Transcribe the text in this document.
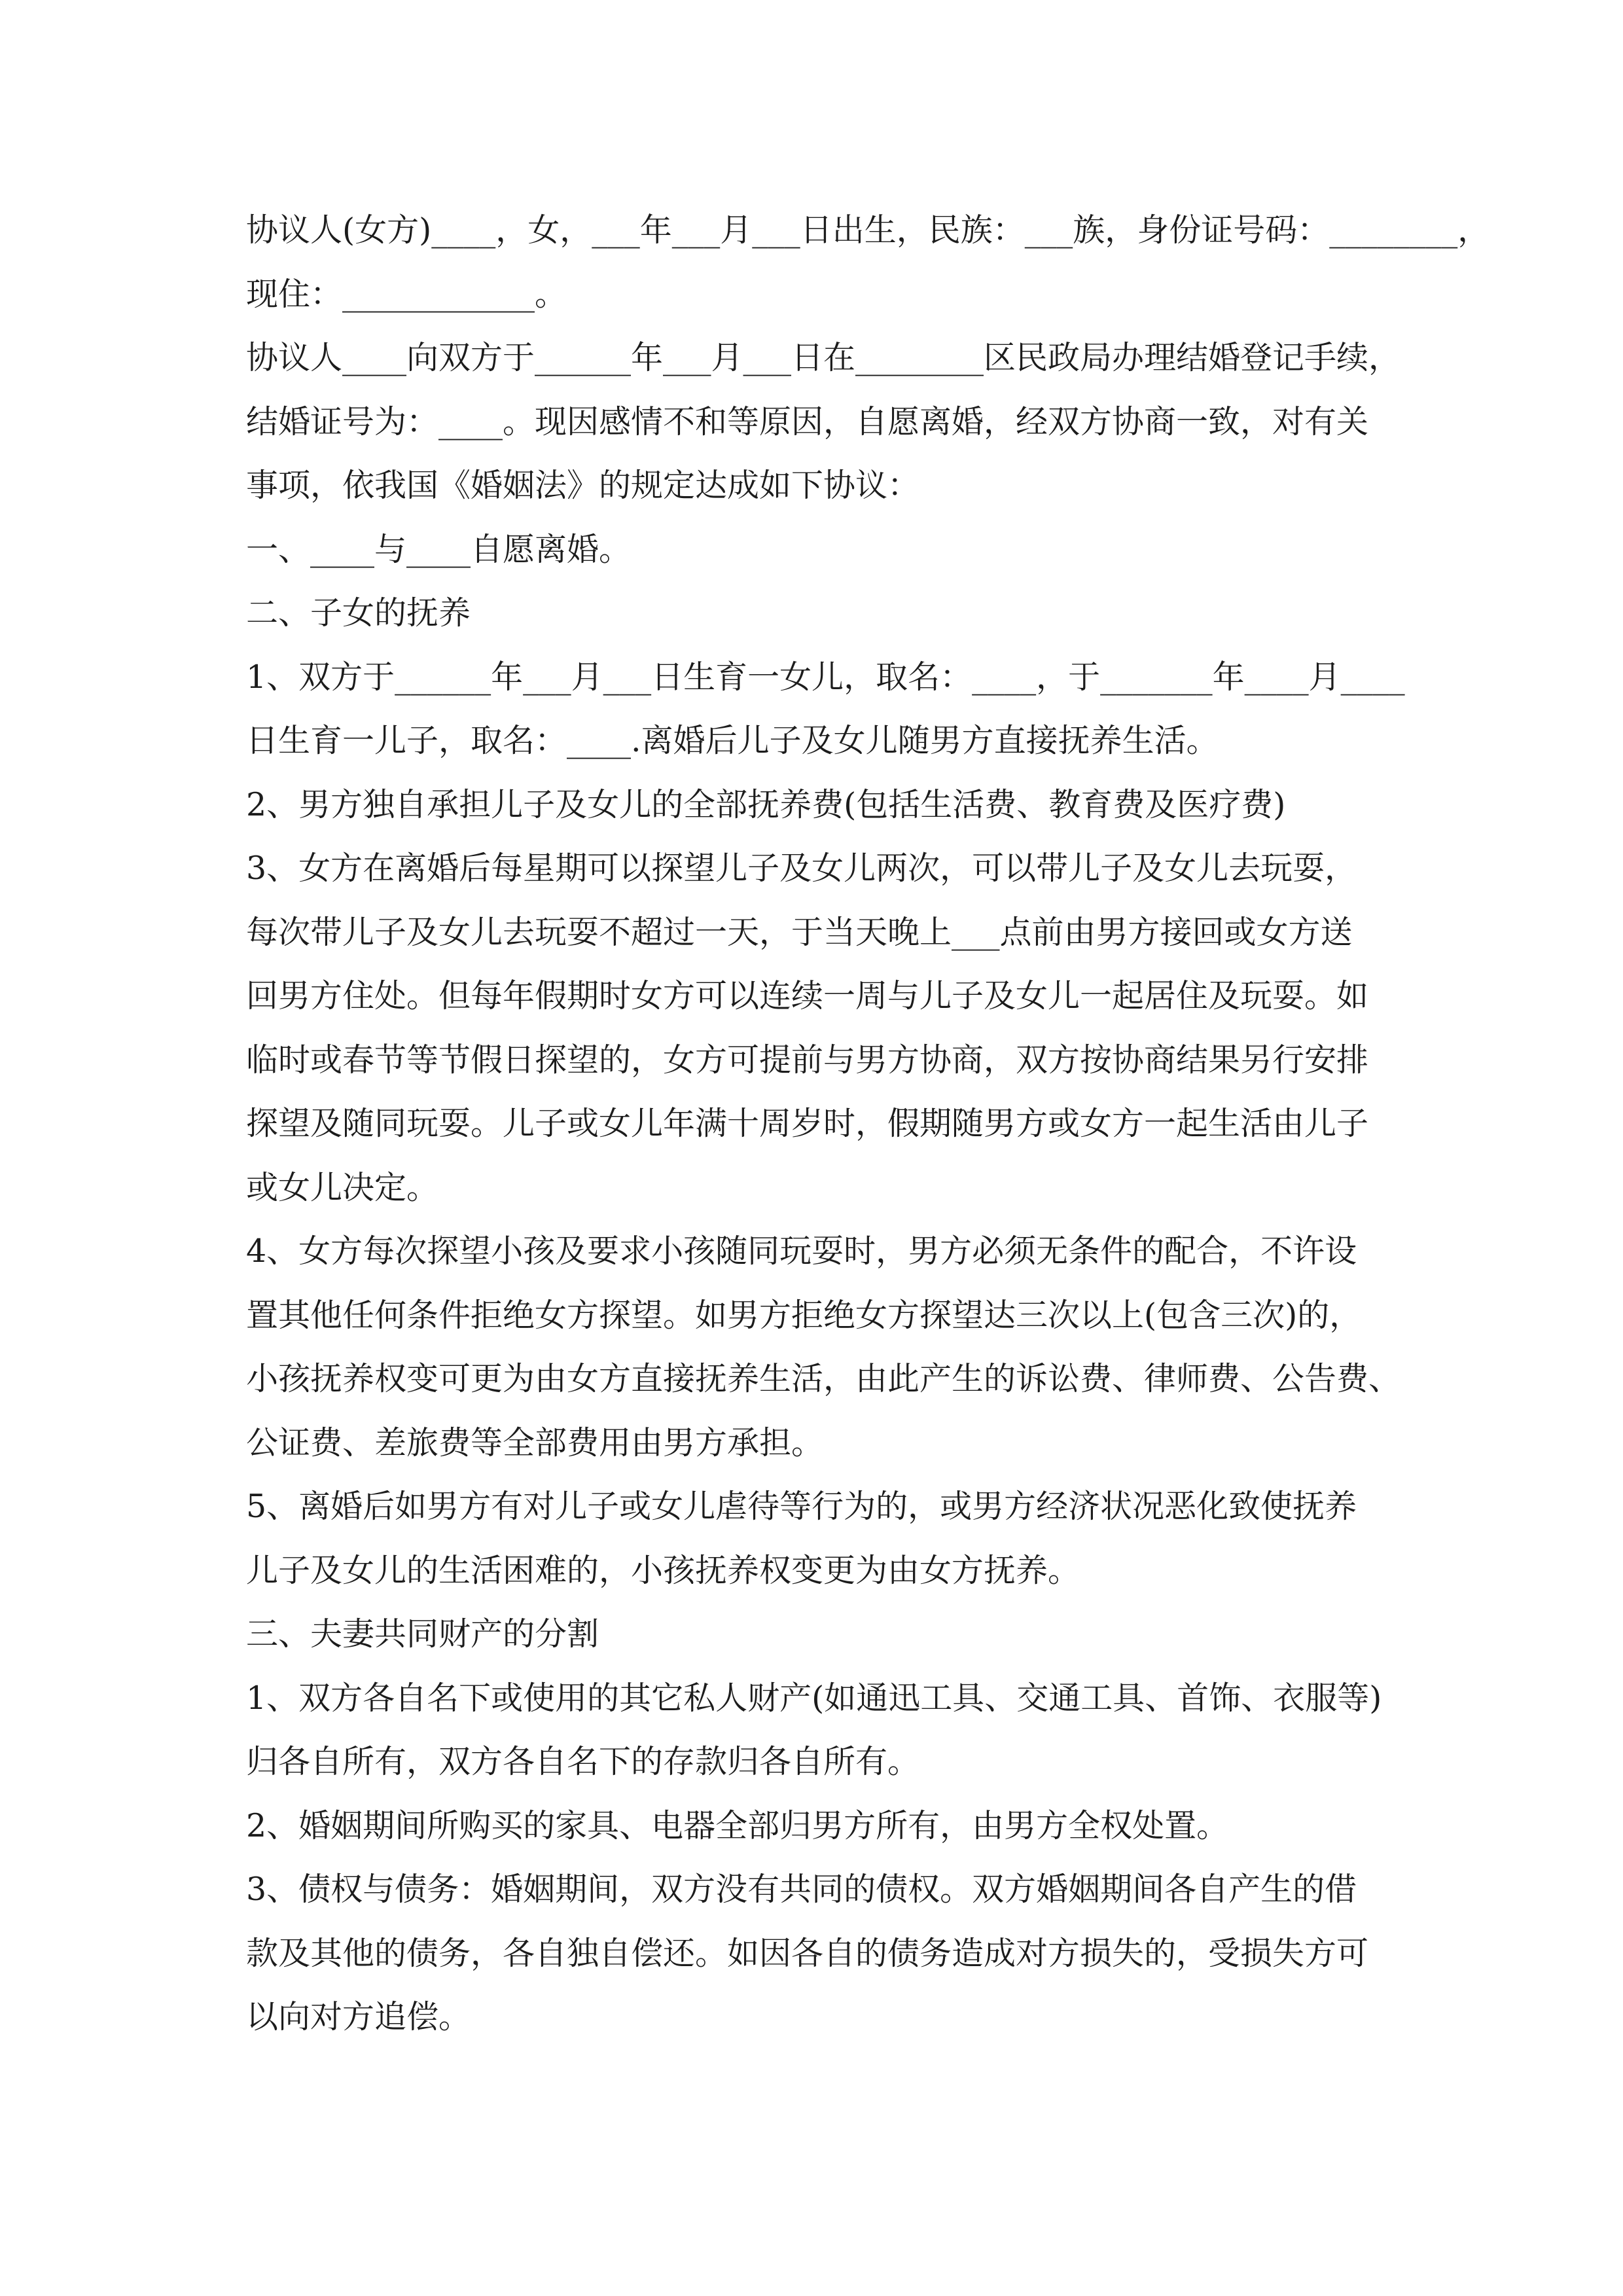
协议人(女方)____，女，___年___月___日出生，民族：___族，身份证号码：________，
现住：____________。
协议人____向双方于______年___月___日在________区民政局办理结婚登记手续，
结婚证号为：____。现因感情不和等原因，自愿离婚，经双方协商一致，对有关
事项，依我国《婚姻法》的规定达成如下协议：
一、____与____自愿离婚。
二、子女的抚养
1、双方于______年___月___日生育一女儿，取名：____，于_______年____月____
日生育一儿子，取名：____.离婚后儿子及女儿随男方直接抚养生活。
2、男方独自承担儿子及女儿的全部抚养费(包括生活费、教育费及医疗费)
3、女方在离婚后每星期可以探望儿子及女儿两次，可以带儿子及女儿去玩耍，
每次带儿子及女儿去玩耍不超过一天，于当天晚上___点前由男方接回或女方送
回男方住处。但每年假期时女方可以连续一周与儿子及女儿一起居住及玩耍。如
临时或春节等节假日探望的，女方可提前与男方协商，双方按协商结果另行安排
探望及随同玩耍。儿子或女儿年满十周岁时，假期随男方或女方一起生活由儿子
或女儿决定。
4、女方每次探望小孩及要求小孩随同玩耍时，男方必须无条件的配合，不许设
置其他任何条件拒绝女方探望。如男方拒绝女方探望达三次以上(包含三次)的，
小孩抚养权变可更为由女方直接抚养生活，由此产生的诉讼费、律师费、公告费、
公证费、差旅费等全部费用由男方承担。
5、离婚后如男方有对儿子或女儿虐待等行为的，或男方经济状况恶化致使抚养
儿子及女儿的生活困难的，小孩抚养权变更为由女方抚养。
三、夫妻共同财产的分割
1、双方各自名下或使用的其它私人财产(如通迅工具、交通工具、首饰、衣服等)
归各自所有，双方各自名下的存款归各自所有。
2、婚姻期间所购买的家具、电器全部归男方所有，由男方全权处置。
3、债权与债务：婚姻期间，双方没有共同的债权。双方婚姻期间各自产生的借
款及其他的债务，各自独自偿还。如因各自的债务造成对方损失的，受损失方可
以向对方追偿。
